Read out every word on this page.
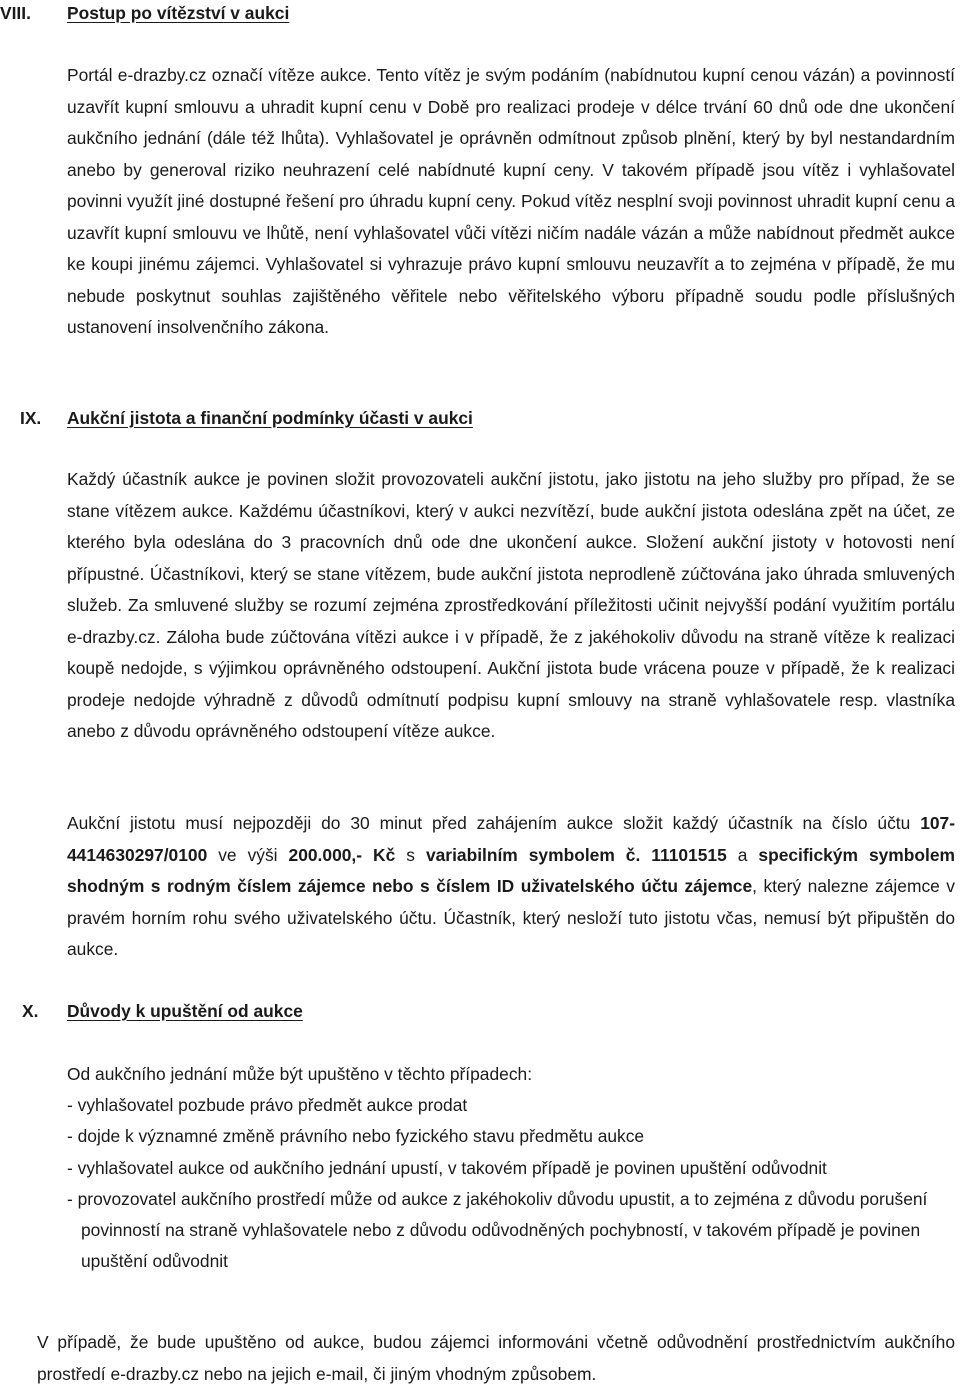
VIII. Postup po vítězství v aukci

Portál e-drazby.cz označí vítěze aukce. Tento vítěz je svým podáním (nabídnutou kupní cenou vázán) a povinností uzavřít kupní smlouvu a uhradit kupní cenu v Době pro realizaci prodeje v délce trvání 60 dnů ode dne ukončení aukčního jednání (dále též lhůta). Vyhlašovatel je oprávněn odmítnout způsob plnění, který by byl nestandardním anebo by generoval riziko neuhrazení celé nabídnuté kupní ceny. V takovém případě jsou vítěz i vyhlašovatel povinni využít jiné dostupné řešení pro úhradu kupní ceny. Pokud vítěz nesplní svoji povinnost uhradit kupní cenu a uzavřít kupní smlouvu ve lhůtě, není vyhlašovatel vůči vítězi ničím nadále vázán a může nabídnout předmět aukce ke koupi jinému zájemci. Vyhlašovatel si vyhrazuje právo kupní smlouvu neuzavřít a to zejména v případě, že mu nebude poskytnut souhlas zajištěného věřitele nebo věřitelského výboru případně soudu podle příslušných ustanovení insolvenčního zákona.

IX. Aukční jistota a finanční podmínky účasti v aukci

Každý účastník aukce je povinen složit provozovateli aukční jistotu, jako jistotu na jeho služby pro případ, že se stane vítězem aukce. Každému účastníkovi, který v aukci nezvítězí, bude aukční jistota odeslána zpět na účet, ze kterého byla odeslána do 3 pracovních dnů ode dne ukončení aukce. Složení aukční jistoty v hotovosti není přípustné. Účastníkovi, který se stane vítězem, bude aukční jistota neprodleně zúčtována jako úhrada smluvených služeb. Za smluvené služby se rozumí zejména zprostředkování příležitosti učinit nejvyšší podání využitím portálu e-drazby.cz. Záloha bude zúčtována vítězi aukce i v případě, že z jakéhokoliv důvodu na straně vítěze k realizaci koupě nedojde, s výjimkou oprávněného odstoupení. Aukční jistota bude vrácena pouze v případě, že k realizaci prodeje nedojde výhradně z důvodů odmítnutí podpisu kupní smlouvy na straně vyhlašovatele resp. vlastníka anebo z důvodu oprávněného odstoupení vítěze aukce.

Aukční jistotu musí nejpozději do 30 minut před zahájením aukce složit každý účastník na číslo účtu 107-4414630297/0100 ve výši 200.000,- Kč s variabilním symbolem č. 11101515 a specifickým symbolem shodným s rodným číslem zájemce nebo s číslem ID uživatelského účtu zájemce, který nalezne zájemce v pravém horním rohu svého uživatelského účtu. Účastník, který nesloží tuto jistotu včas, nemusí být připuštěn do aukce.

X. Důvody k upuštění od aukce
Od aukčního jednání může být upuštěno v těchto případech:
- vyhlašovatel pozbude právo předmět aukce prodat
- dojde k významné změně právního nebo fyzického stavu předmětu aukce
- vyhlašovatel aukce od aukčního jednání upustí, v takovém případě je povinen upuštění odůvodnit
- provozovatel aukčního prostředí může od aukce z jakéhokoliv důvodu upustit, a to zejména z důvodu porušení povinností na straně vyhlašovatele nebo z důvodu odůvodněných pochybností, v takovém případě je povinen upuštění odůvodnit

V případě, že bude upuštěno od aukce, budou zájemci informováni včetně odůvodnění prostřednictvím aukčního prostředí e-drazby.cz nebo na jejich e-mail, či jiným vhodným způsobem.
